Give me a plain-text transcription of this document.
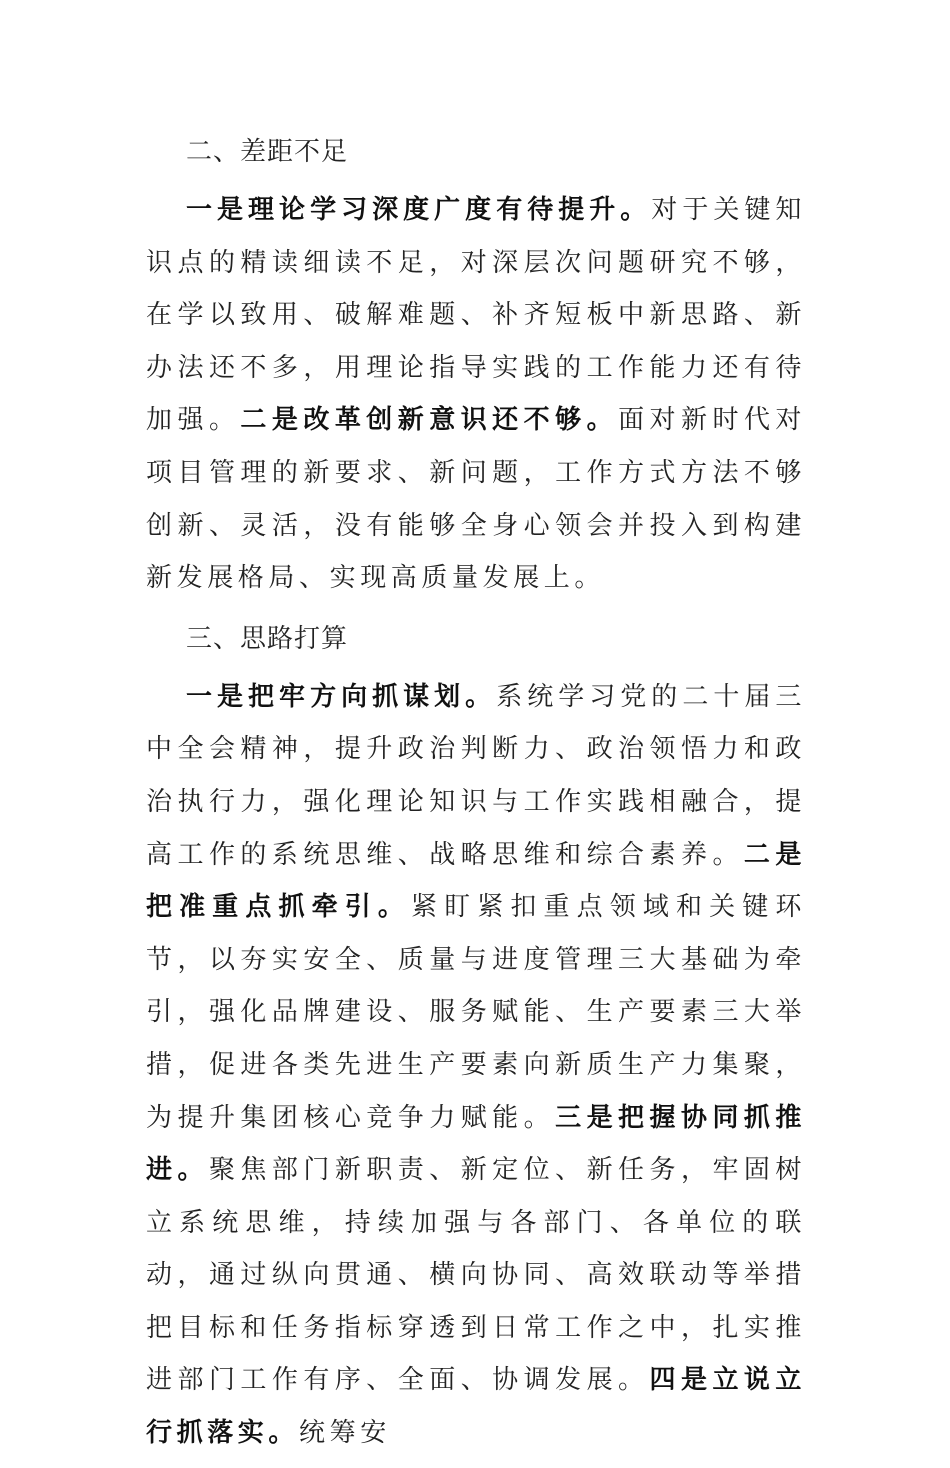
二、差距不足

一是理论学习深度广度有待提升。对于关键知识点的精读细读不足，对深层次问题研究不够，在学以致用、破解难题、补齐短板中新思路、新办法还不多，用理论指导实践的工作能力还有待加强。二是改革创新意识还不够。面对新时代对项目管理的新要求、新问题，工作方式方法不够创新、灵活，没有能够全身心领会并投入到构建新发展格局、实现高质量发展上。

三、思路打算

一是把牢方向抓谋划。系统学习党的二十届三中全会精神，提升政治判断力、政治领悟力和政治执行力，强化理论知识与工作实践相融合，提高工作的系统思维、战略思维和综合素养。二是把准重点抓牵引。紧盯紧扣重点领域和关键环节，以夯实安全、质量与进度管理三大基础为牵引，强化品牌建设、服务赋能、生产要素三大举措，促进各类先进生产要素向新质生产力集聚，为提升集团核心竞争力赋能。三是把握协同抓推进。聚焦部门新职责、新定位、新任务，牢固树立系统思维，持续加强与各部门、各单位的联动，通过纵向贯通、横向协同、高效联动等举措把目标和任务指标穿透到日常工作之中，扎实推进部门工作有序、全面、协调发展。四是立说立行抓落实。统筹安
